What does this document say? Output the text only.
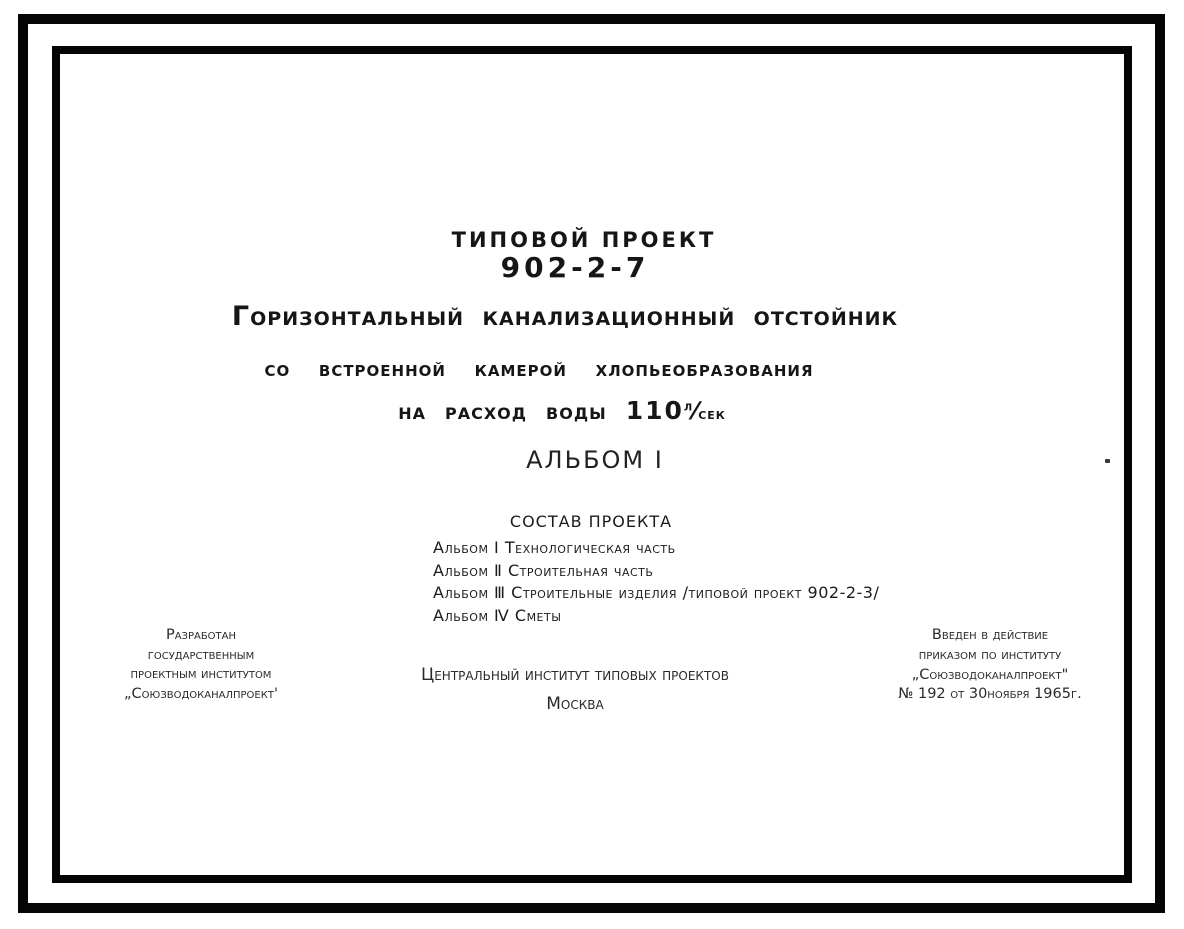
ТИПОВОЙ ПРОЕКТ
902-2-7
Горизонтальный канализационный отстойник
со встроенной камерой хлопьеобразования
на расход воды $110^л⁄сек$
АЛЬБОМ Ⅰ
СОСТАВ ПРОЕКТА
Альбом Ⅰ Технологическая часть
Альбом Ⅱ Строительная часть
Альбом Ⅲ Строительные изделия /типовой проект 902-2-3/
Альбом Ⅳ Сметы
Разработан
государственным
проектным институтом
„Союзводоканалпроект'
Центральный институт типовых проектов
Москва
Введен в действие
приказом по институту
„Союзводоканалпроект"
№ 192 от 30ноября 1965г.
